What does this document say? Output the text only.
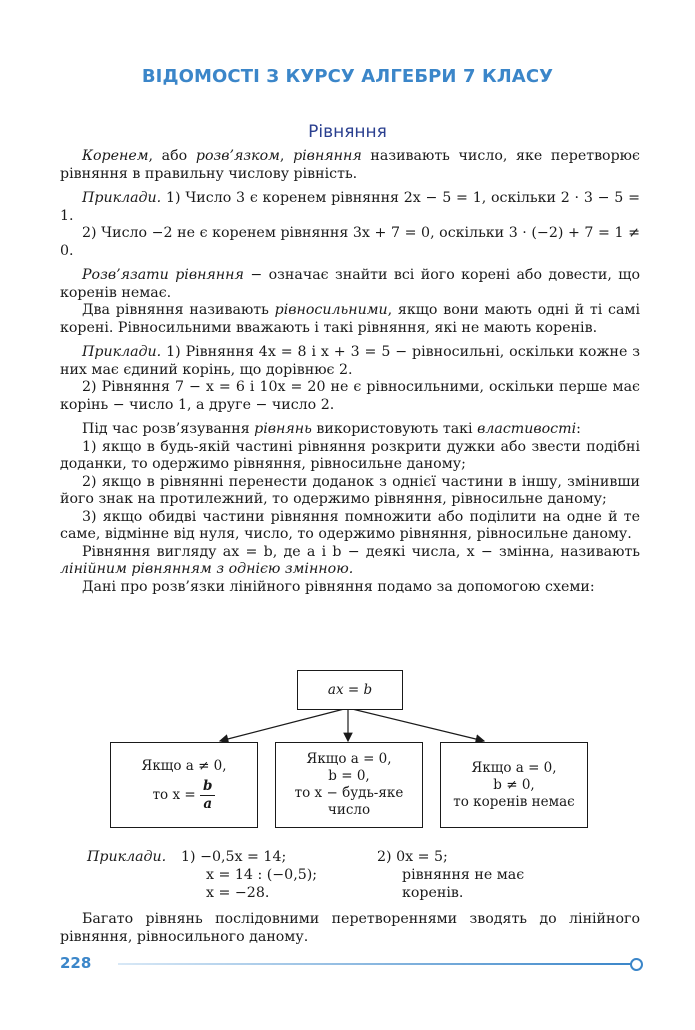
ВІДОМОСТІ З КУРСУ АЛГЕБРИ 7 КЛАСУ
Рівняння

Коренем, або розв’язком, рівняння називають число, яке перетворює рівняння в правильну числову рівність.

Приклади. 1) Число 3 є коренем рівняння 2x − 5 = 1, оскільки 2 · 3 − 5 = 1.

2) Число −2 не є коренем рівняння 3x + 7 = 0, оскільки 3 · (−2) + 7 = 1 ≠ 0.

Розв’язати рівняння − означає знайти всі його корені або довести, що коренів немає.

Два рівняння називають рівносильними, якщо вони мають одні й ті самі корені. Рівносильними вважають і такі рівняння, які не мають коренів.

Приклади. 1) Рівняння 4x = 8 і x + 3 = 5 − рівносильні, оскільки кожне з них має єдиний корінь, що дорівнює 2.

2) Рівняння 7 − x = 6 і 10x = 20 не є рівносильними, оскільки перше має корінь − число 1, а друге − число 2.

Під час розв’язування рівнянь використовують такі властивості:

1) якщо в будь-якій частині рівняння розкрити дужки або звести подібні доданки, то одержимо рівняння, рівносильне даному;

2) якщо в рівнянні перенести доданок з однієї частини в іншу, змінивши його знак на протилежний, то одержимо рівняння, рівносильне даному;

3) якщо обидві частини рівняння помножити або поділити на одне й те саме, відмінне від нуля, число, то одержимо рівняння, рівносильне даному.

Рівняння вигляду ax = b, де a і b − деякі числа, x − змінна, називають лінійним рівнянням з однією змінною.

Дані про розв’язки лінійного рівняння подамо за допомогою схеми:

ax = b
Якщо a ≠ 0,
то $x = \frac{b}{a}$
Якщо a = 0,
b = 0,
то x − будь-яке
число
Якщо a = 0,
b ≠ 0,
то коренів немає
Приклади. 1) −0,5x = 14;
x = 14 : (−0,5);
x = −28.
2) 0x = 5;
рівняння не має
коренів.

Багато рівнянь послідовними перетвореннями зводять до лінійного рівняння, рівносильного даному.

228
